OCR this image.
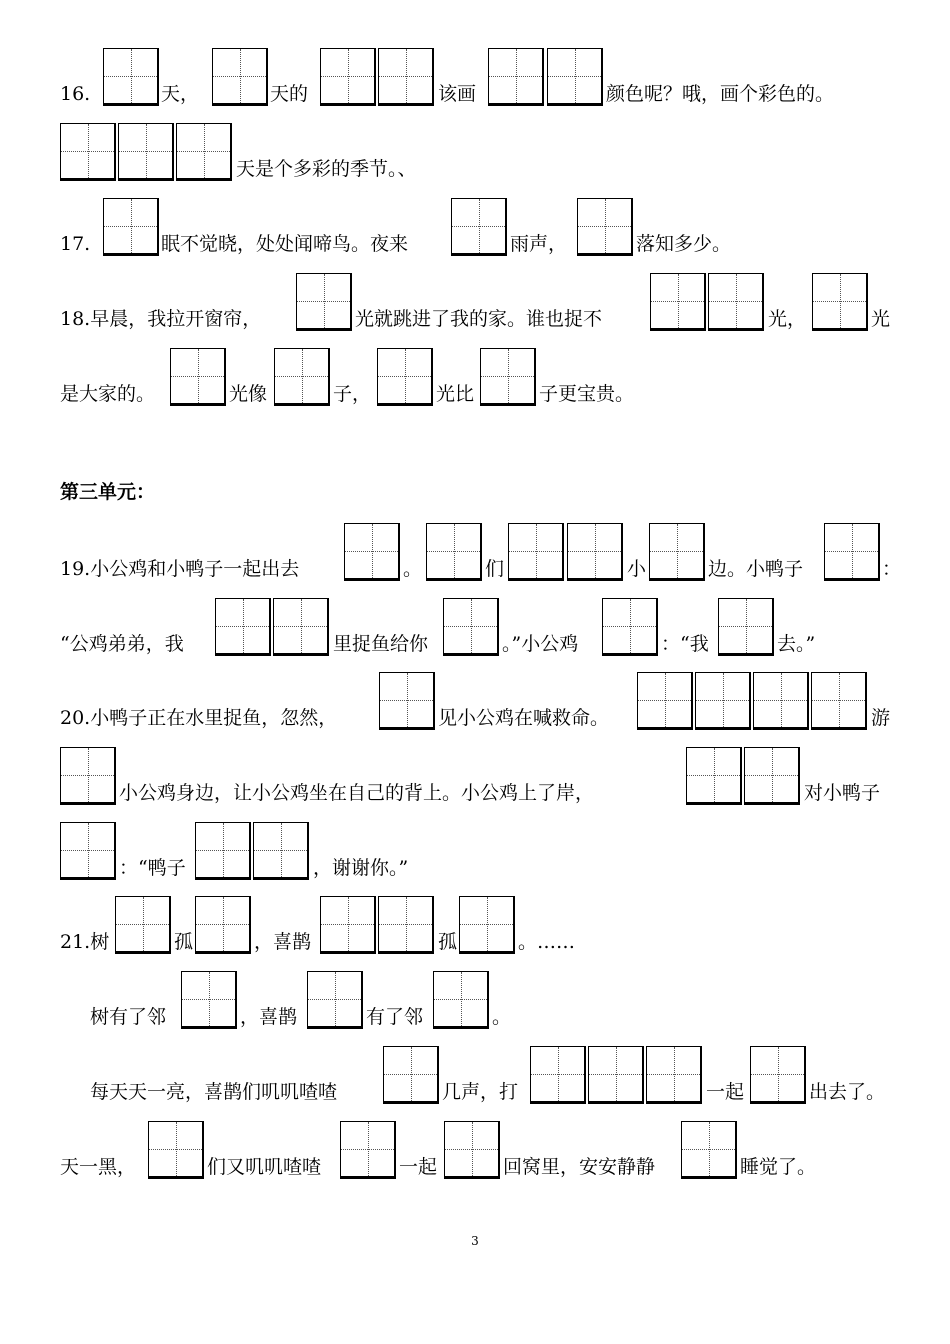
16.	天，	天的	该画	颜色呢？哦，画个彩色的。
天是个多彩的季节。、
17.	眠不觉晓，处处闻啼鸟。夜来	雨声，	落知多少。
18.早晨，我拉开窗帘，	光就跳进了我的家。谁也捉不	光，	光
是大家的。	光像	子，	光比	子更宝贵。
第三单元：
19.小公鸡和小鸭子一起出去	。	们	小	边。小鸭子	：
“公鸡弟弟，我	里捉鱼给你	。”小公鸡	：“我	去。”
20.小鸭子正在水里捉鱼，忽然，	见小公鸡在喊救命。	游
小公鸡身边，让小公鸡坐在自己的背上。小公鸡上了岸，	对小鸭子
：“鸭子	，谢谢你。”
21.树	孤	，喜鹊	孤	。……
树有了邻	，喜鹊	有了邻	。
每天天一亮，喜鹊们叽叽喳喳	几声，打	一起	出去了。
天一黑，	们又叽叽喳喳	一起	回窝里，安安静静	睡觉了。
3
